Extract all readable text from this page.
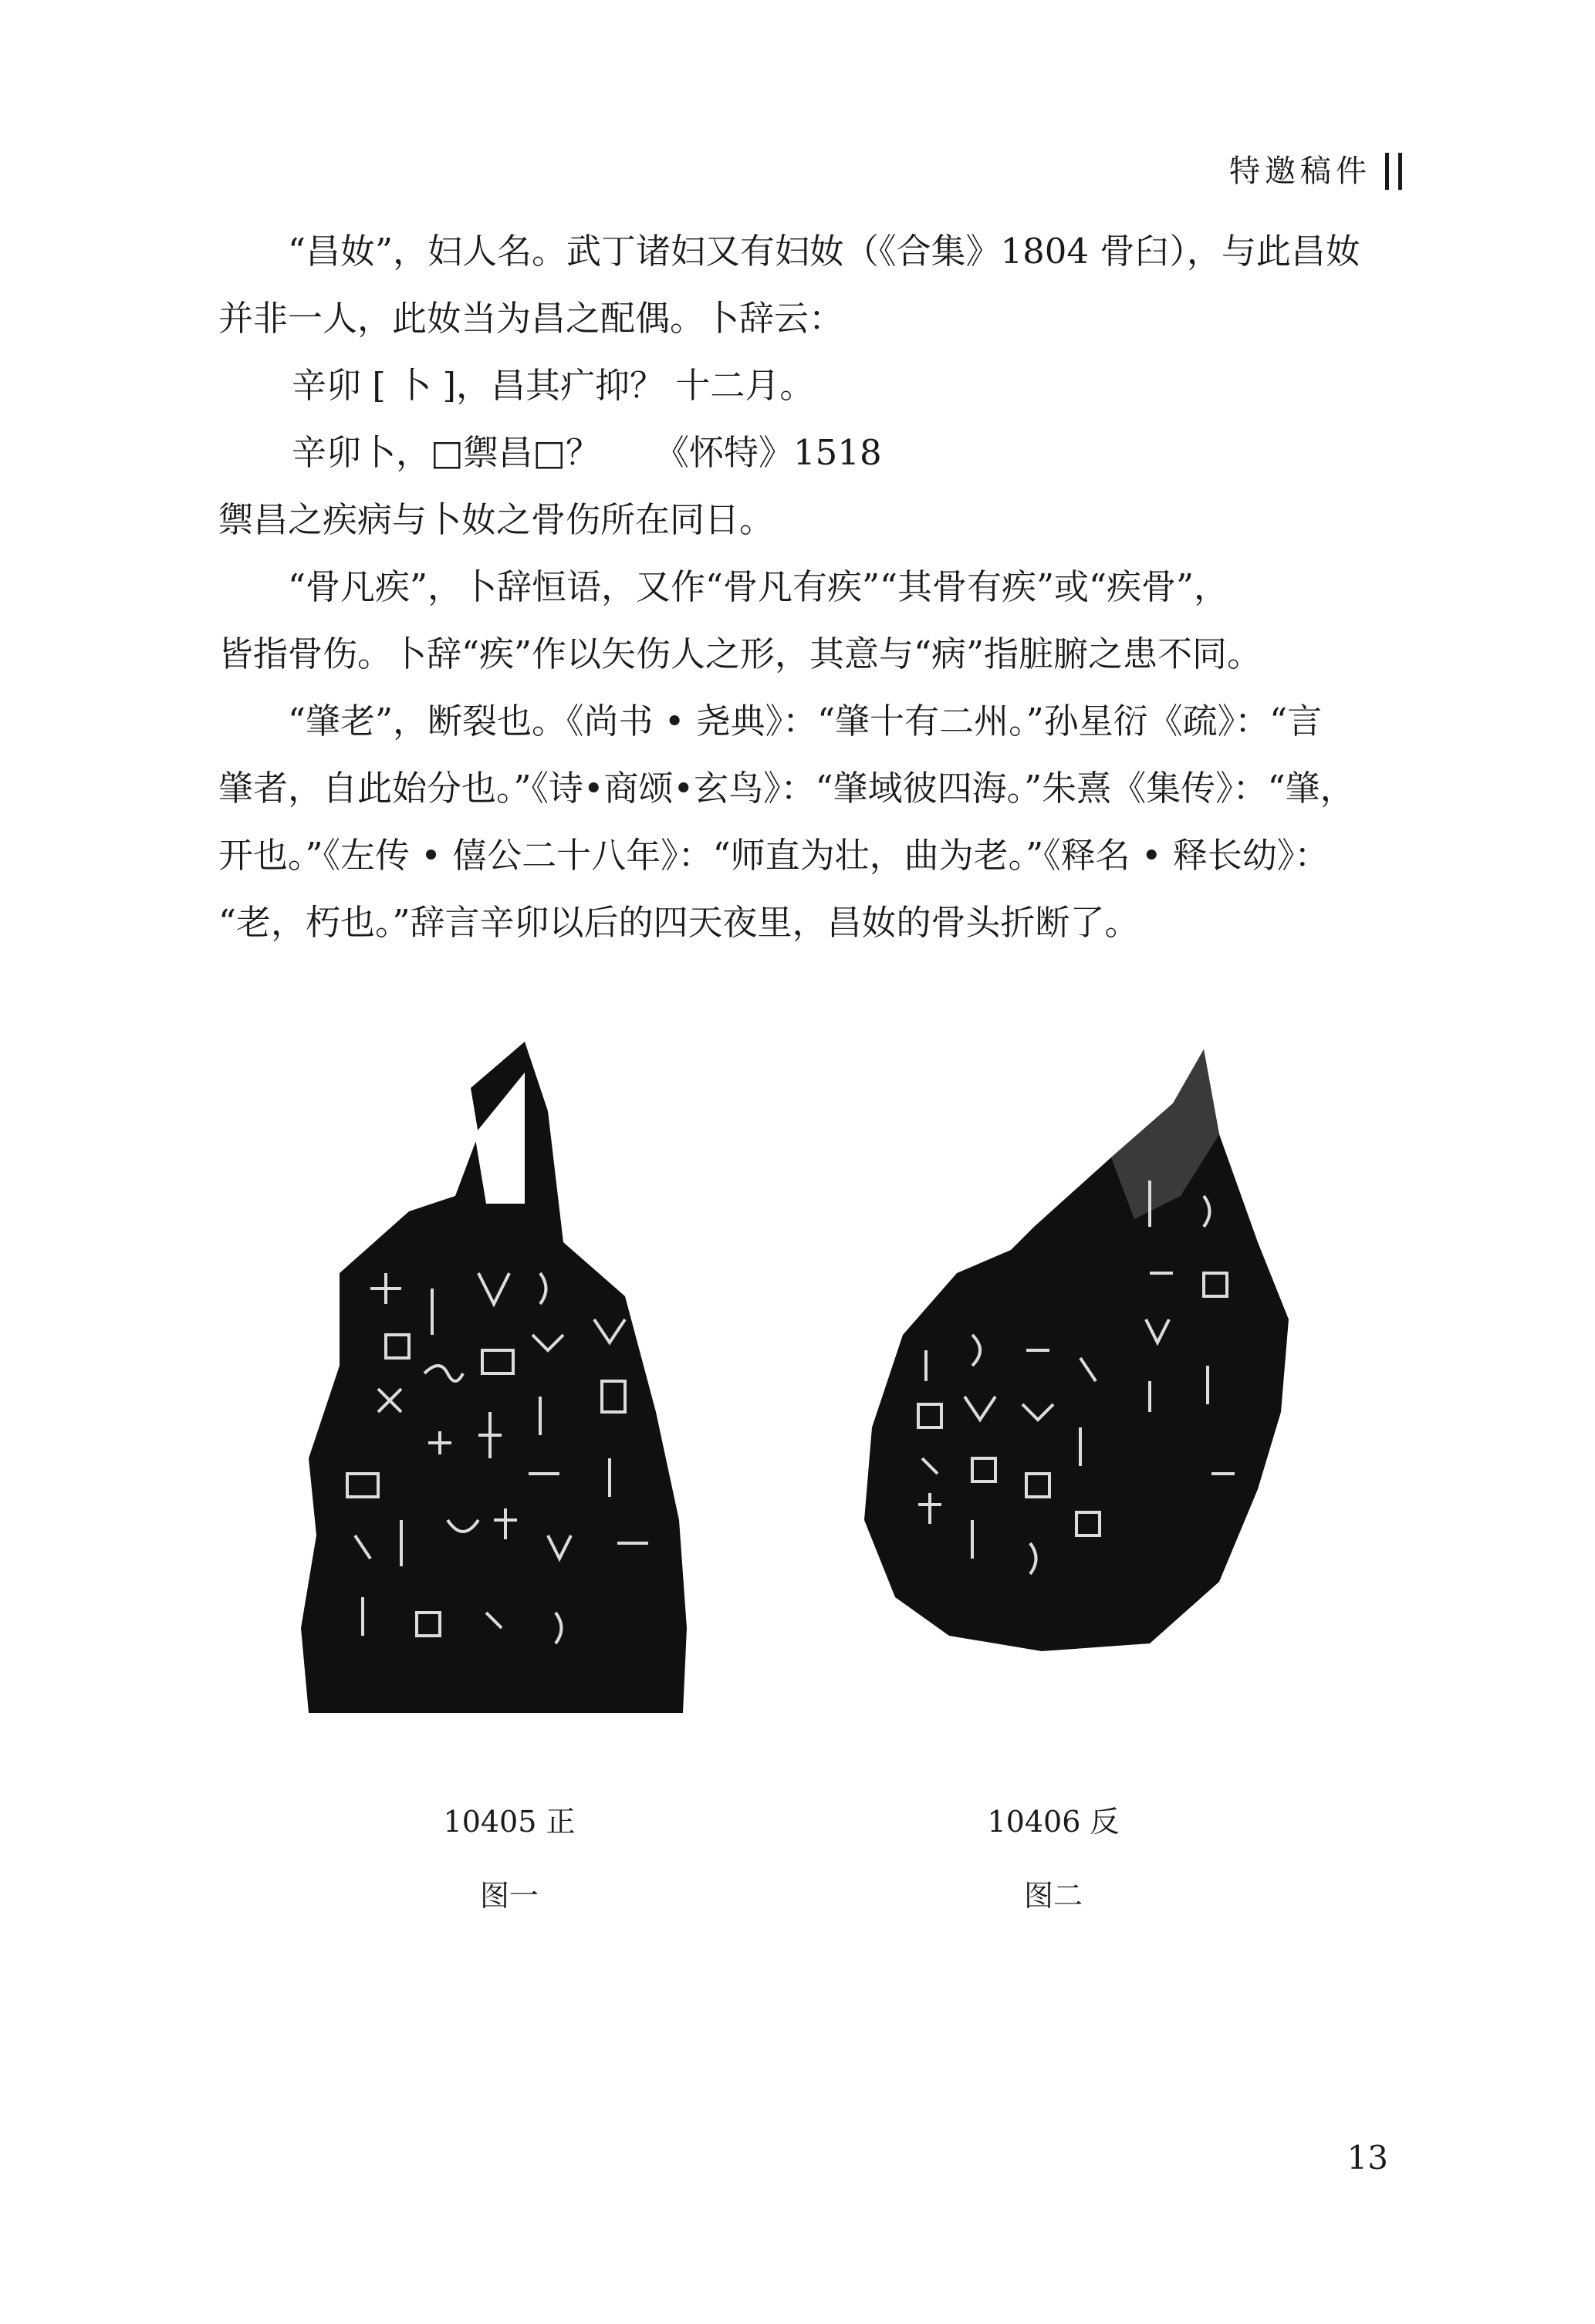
特邀稿件

“昌奻”，妇人名。武丁诸妇又有妇奻（《合集》1804 骨臼），与此昌奻

并非一人，此奻当为昌之配偶。卜辞云：

辛卯 [ 卜 ]，昌其疒抑？ 十二月。

辛卯卜，□禦昌□？ 《怀特》1518

禦昌之疾病与卜奻之骨伤所在同日。

“骨凡疾”，卜辞恒语，又作“骨凡有疾”“其骨有疾”或“疾骨”，

皆指骨伤。卜辞“疾”作以矢伤人之形，其意与“病”指脏腑之患不同。

“肇老”，断裂也。《尚书 • 尧典》：“肇十有二州。”孙星衍《疏》：“言

肇者，自此始分也。”《诗•商颂•玄鸟》：“肇域彼四海。”朱熹《集传》：“肇，

开也。”《左传 • 僖公二十八年》：“师直为壮，曲为老。”《释名 • 释长幼》：

“老，朽也。”辞言辛卯以后的四天夜里，昌奻的骨头折断了。

10405 正
图一
10406 反
图二
13
